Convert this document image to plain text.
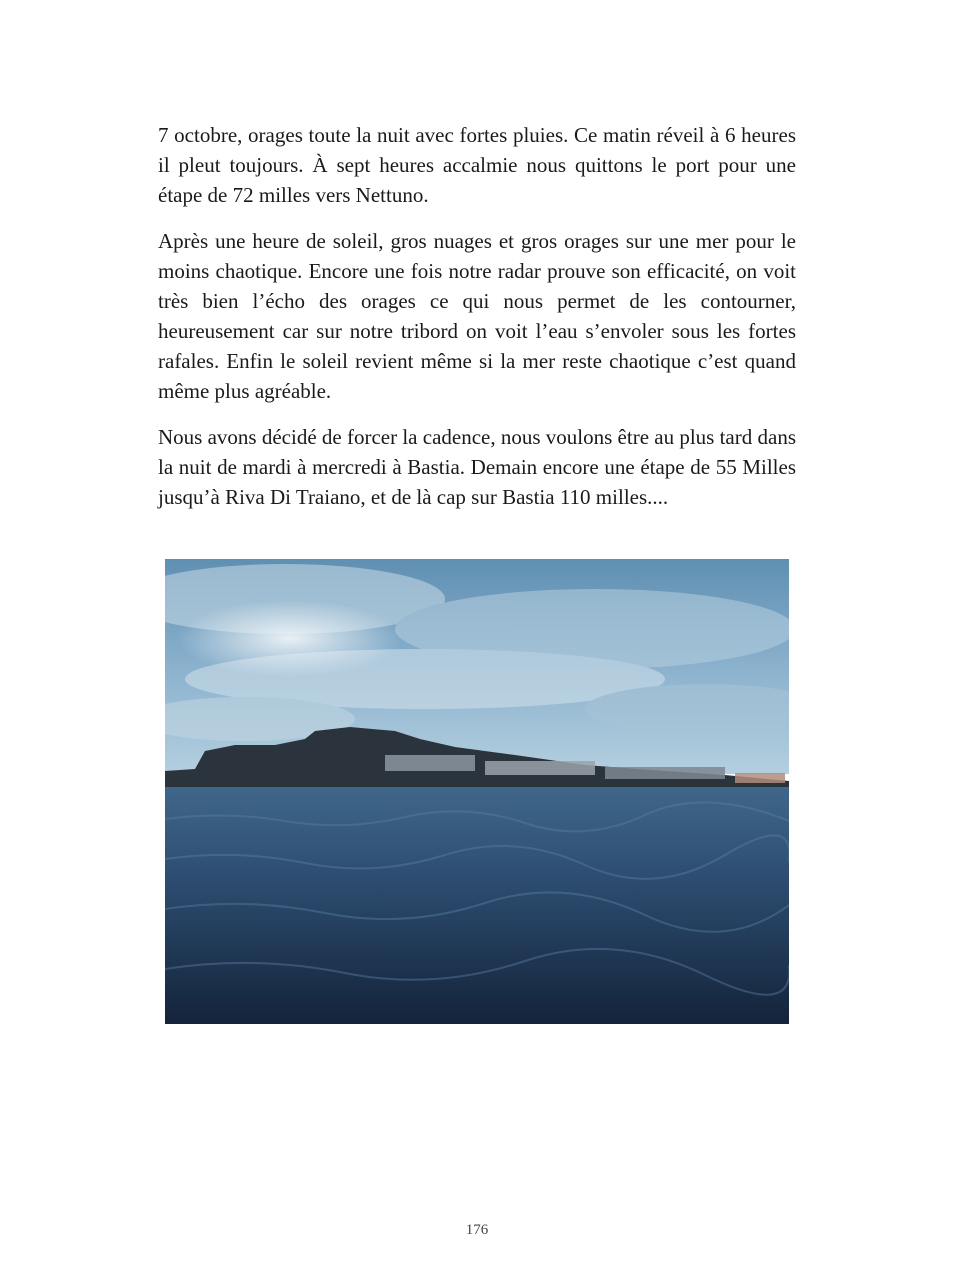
7 octobre, orages toute la nuit avec fortes pluies. Ce matin réveil à 6 heures il pleut toujours. À sept heures accalmie nous quittons le port pour une étape de 72 milles vers Nettuno.

Après une heure de soleil, gros nuages et gros orages sur une mer pour le moins chaotique. Encore une fois notre radar prouve son efficacité, on voit très bien l’écho des orages ce qui nous permet de les contourner, heureusement car sur notre tribord on voit l’eau s’envoler sous les fortes rafales. Enfin le soleil revient même si la mer reste chaotique c’est quand même plus agréable.

Nous avons décidé de forcer la cadence, nous voulons être au plus tard dans la nuit de mardi à mercredi à Bastia. Demain encore une étape de 55 Milles jusqu’à Riva Di Traiano, et de là cap sur Bastia 110 milles....

176
